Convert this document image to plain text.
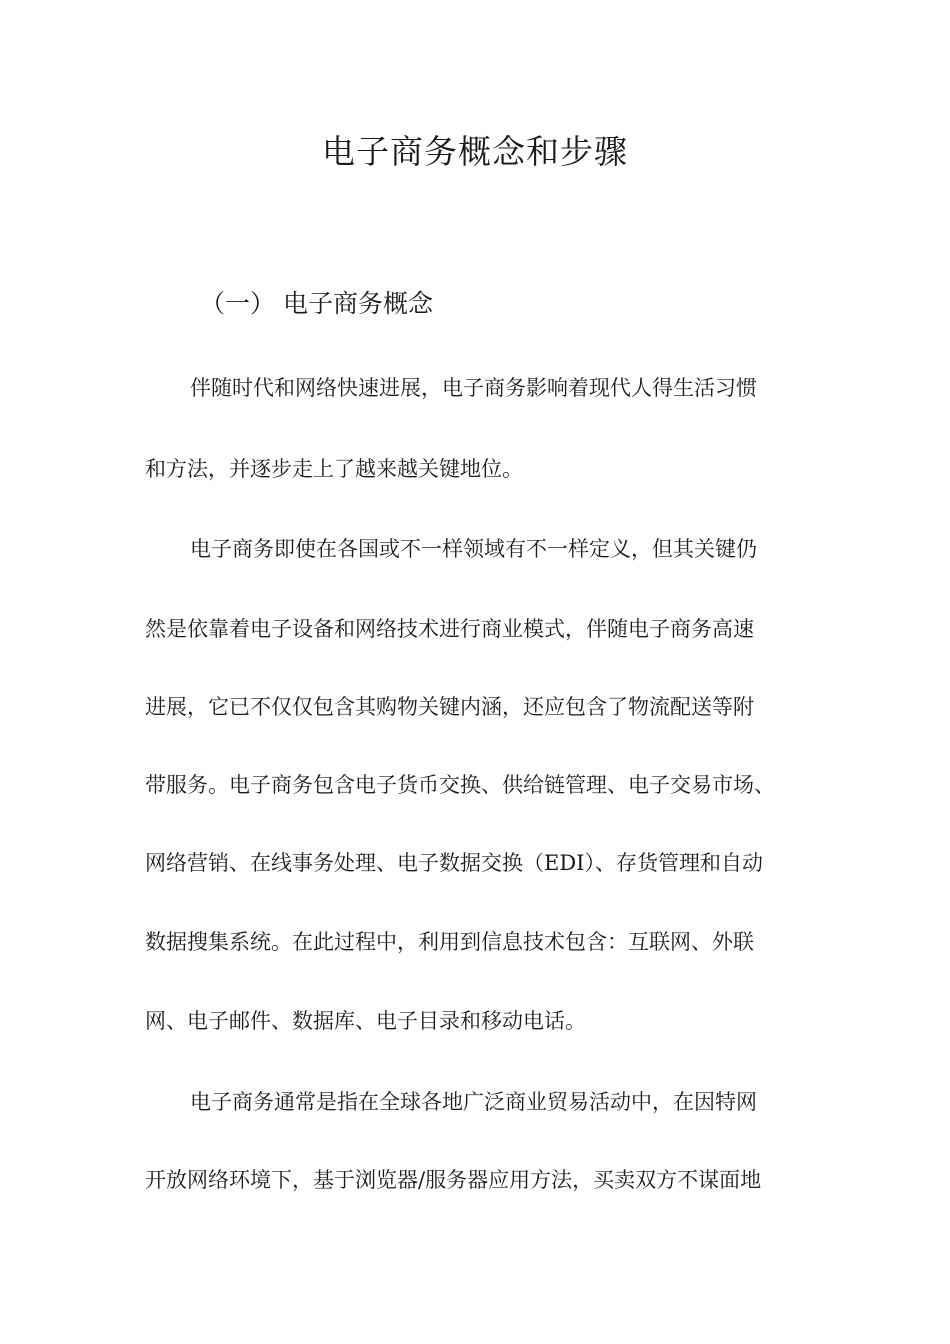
电子商务概念和步骤
（一） 电子商务概念

伴随时代和网络快速进展，电子商务影响着现代人得生活习惯

和方法，并逐步走上了越来越关键地位。

电子商务即使在各国或不一样领域有不一样定义，但其关键仍

然是依靠着电子设备和网络技术进行商业模式，伴随电子商务高速

进展，它已不仅仅包含其购物关键内涵，还应包含了物流配送等附

带服务。电子商务包含电子货币交换、供给链管理、电子交易市场、

网络营销、在线事务处理、电子数据交换（EDI）、存货管理和自动

数据搜集系统。在此过程中，利用到信息技术包含：互联网、外联

网、电子邮件、数据库、电子目录和移动电话。

电子商务通常是指在全球各地广泛商业贸易活动中，在因特网

开放网络环境下，基于浏览器/服务器应用方法，买卖双方不谋面地
